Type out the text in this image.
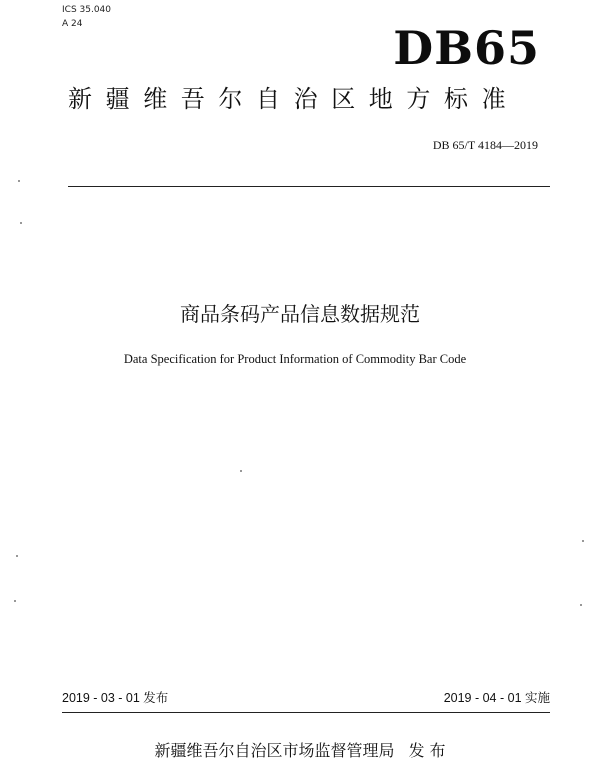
ICS 35.040
A 24	DB65
新疆维吾尔自治区地方标准
DB 65/T 4184—2019
商品条码产品信息数据规范
Data Specification for Product Information of Commodity Bar Code
2019 - 03 - 01 发布	2019 - 04 - 01 实施
新疆维吾尔自治区市场监督管理局 发 布
